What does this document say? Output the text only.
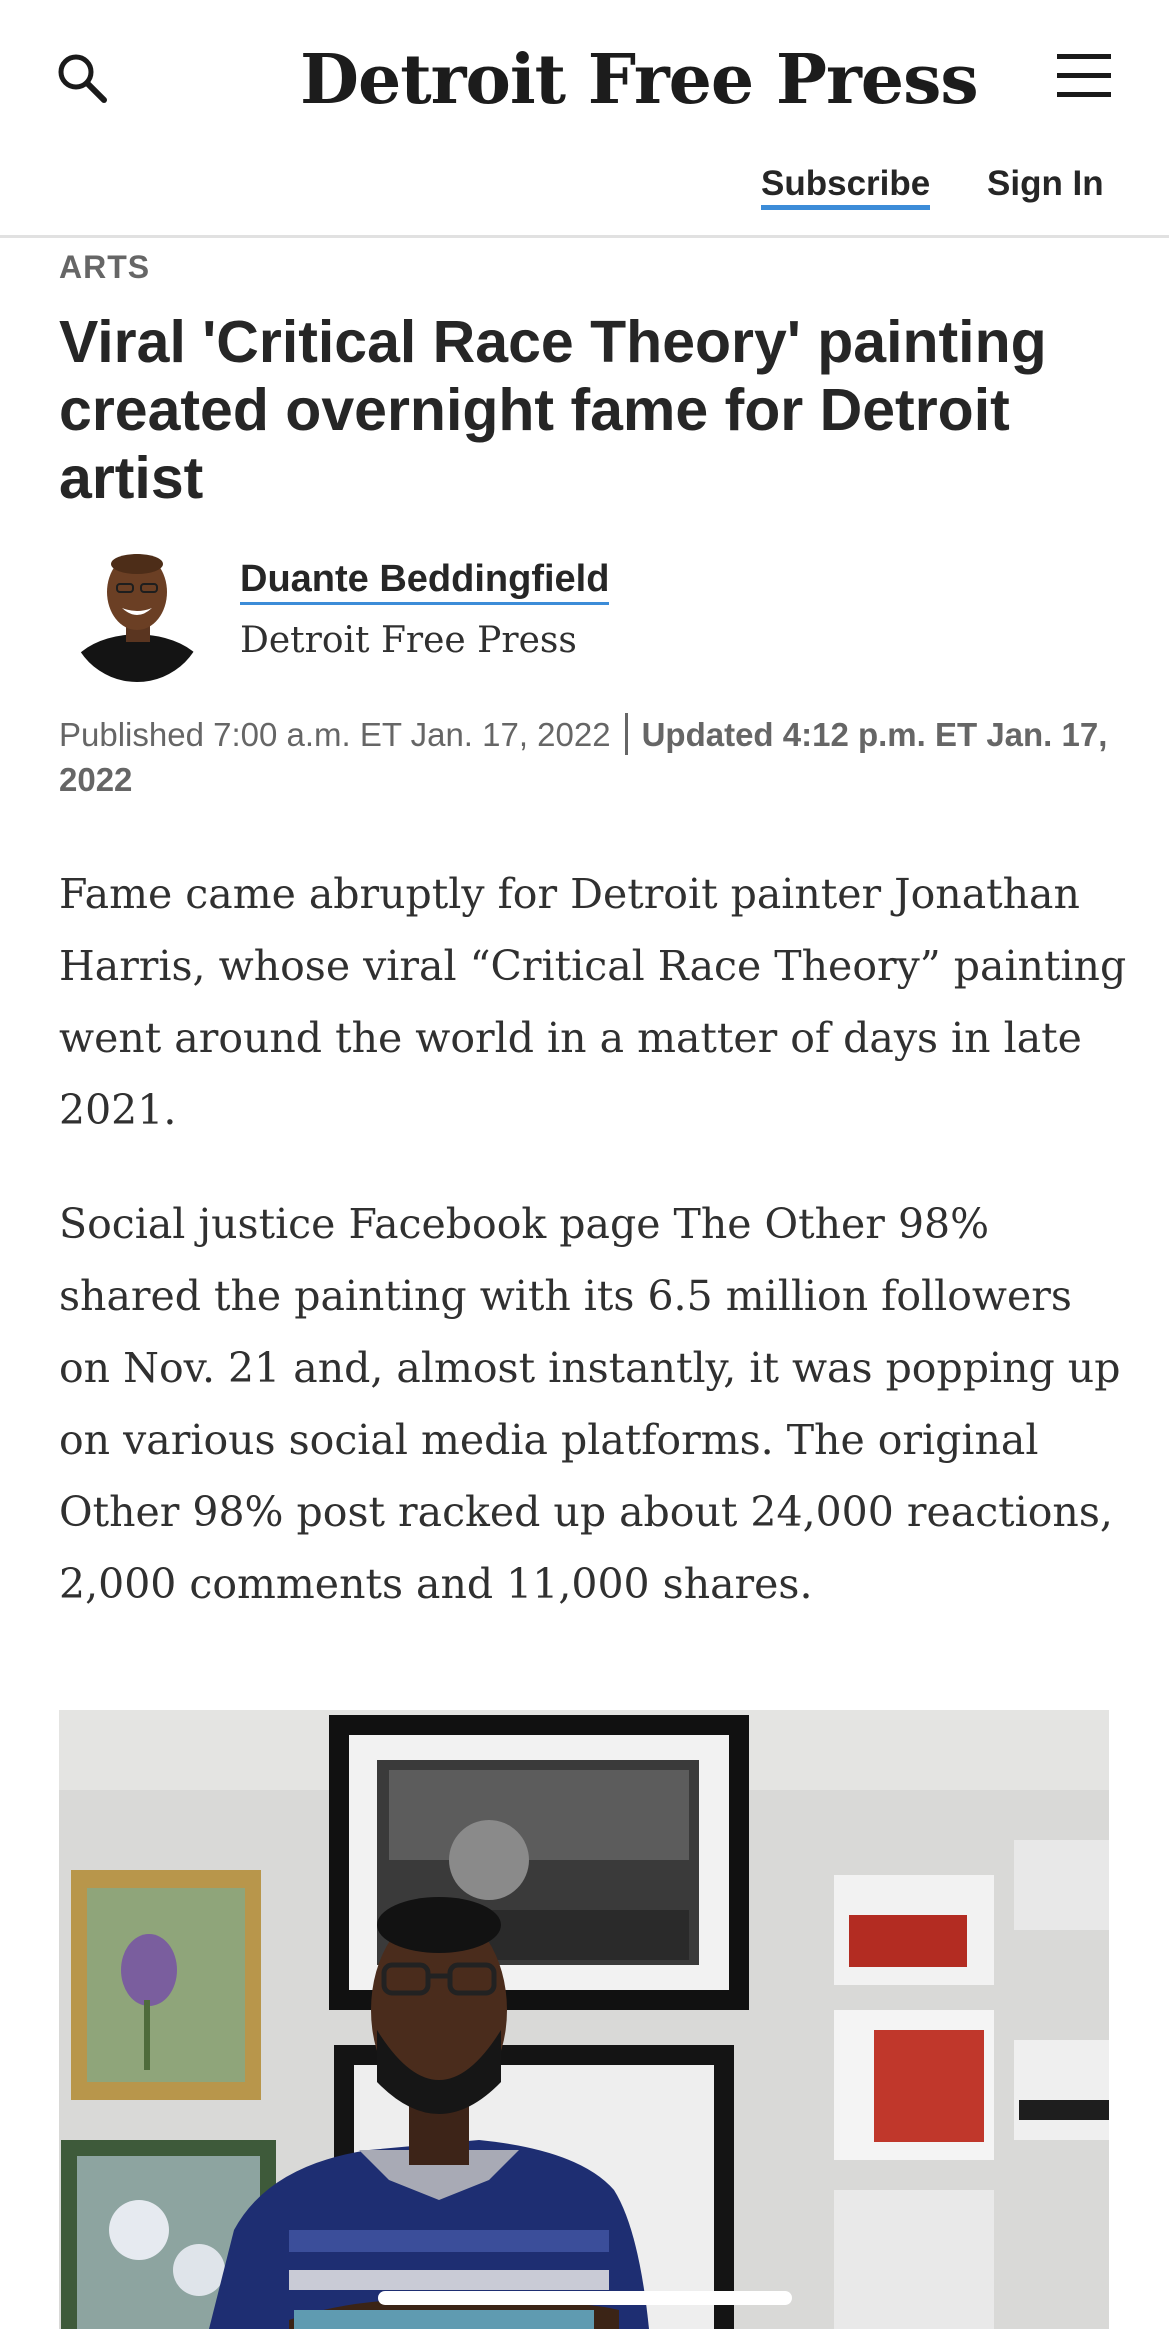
Detroit Free Press
Subscribe Sign In
ARTS
Viral 'Critical Race Theory' painting created overnight fame for Detroit artist
Duante Beddingfield
Detroit Free Press
Published 7:00 a.m. ET Jan. 17, 2022 Updated 4:12 p.m. ET Jan. 17, 2022

Fame came abruptly for Detroit painter Jonathan Harris, whose viral “Critical Race Theory” painting went around the world in a matter of days in late 2021.

Social justice Facebook page The Other 98% shared the painting with its 6.5 million followers on Nov. 21 and, almost instantly, it was popping up on various social media platforms. The original Other 98% post racked up about 24,000 reactions, 2,000 comments and 11,000 shares.
